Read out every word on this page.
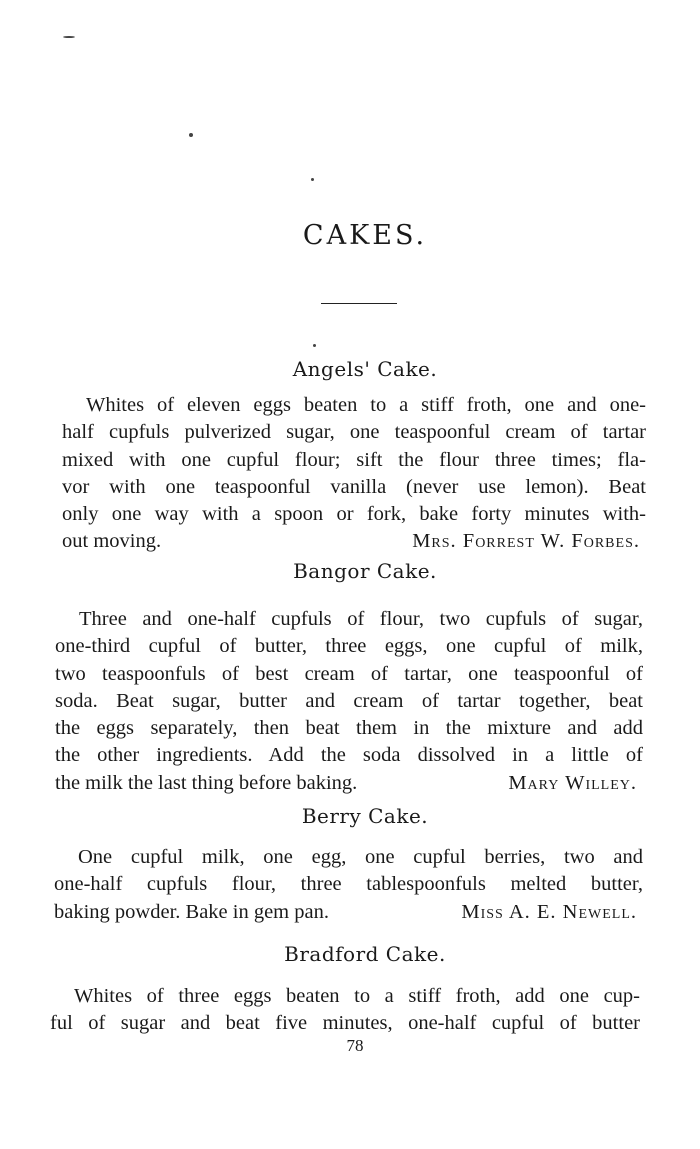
CAKES.
Angels' Cake.
Whites of eleven eggs beaten to a stiff froth, one and one-
half cupfuls pulverized sugar, one teaspoonful cream of tartar
mixed with one cupful flour; sift the flour three times; fla-
vor with one teaspoonful vanilla (never use lemon). Beat
only one way with a spoon or fork, bake forty minutes with-
out moving.	Mrs. Forrest W. Forbes.
Bangor Cake.
Three and one-half cupfuls of flour, two cupfuls of sugar,
one-third cupful of butter, three eggs, one cupful of milk,
two teaspoonfuls of best cream of tartar, one teaspoonful of
soda. Beat sugar, butter and cream of tartar together, beat
the eggs separately, then beat them in the mixture and add
the other ingredients. Add the soda dissolved in a little of
the milk the last thing before baking.	Mary Willey.
Berry Cake.
One cupful milk, one egg, one cupful berries, two and
one-half cupfuls flour, three tablespoonfuls melted butter,
baking powder. Bake in gem pan.	Miss A. E. Newell.
Bradford Cake.
Whites of three eggs beaten to a stiff froth, add one cup-
ful of sugar and beat five minutes, one-half cupful of butter
78
